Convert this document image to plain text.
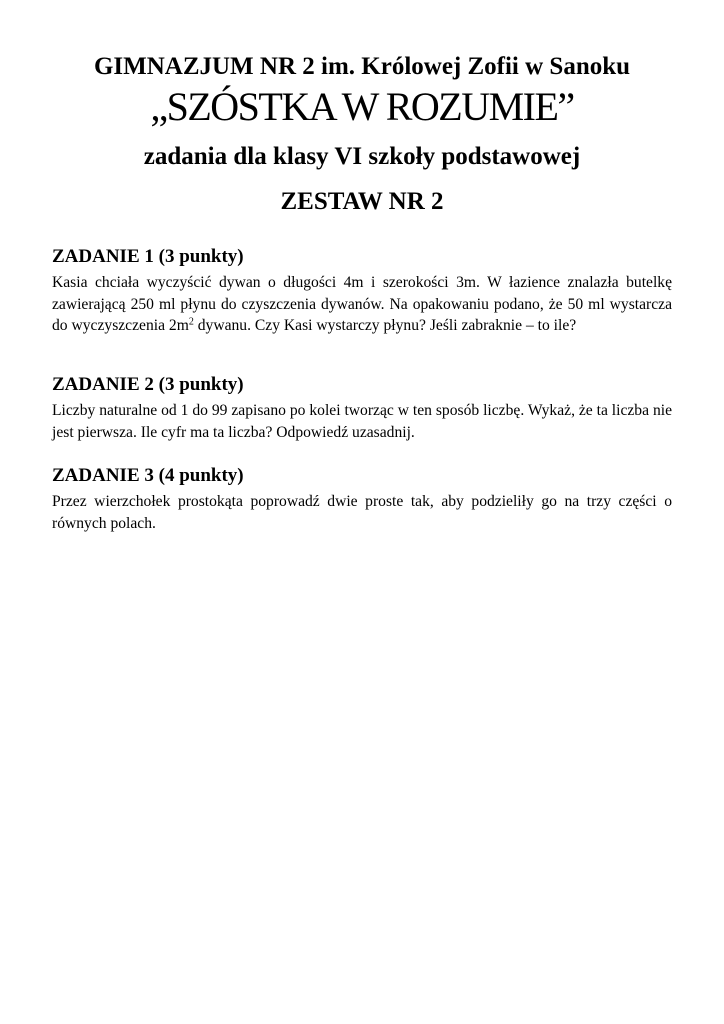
GIMNAZJUM NR 2 im. Królowej Zofii w Sanoku
„SZÓSTKA W ROZUMIE”
zadania dla klasy VI szkoły podstawowej
ZESTAW NR 2
ZADANIE 1 (3 punkty)

Kasia chciała wyczyścić dywan o długości 4m i szerokości 3m. W łazience znalazła butelkę zawierającą 250 ml płynu do czyszczenia dywanów. Na opakowaniu podano, że 50 ml wystarcza do wyczyszczenia $2m^2$ dywanu. Czy Kasi wystarczy płynu? Jeśli zabraknie – to ile?

ZADANIE 2 (3 punkty)

Liczby naturalne od 1 do 99 zapisano po kolei tworząc w ten sposób liczbę. Wykaż, że ta liczba nie jest pierwsza. Ile cyfr ma ta liczba? Odpowiedź uzasadnij.

ZADANIE 3 (4 punkty)

Przez wierzchołek prostokąta poprowadź dwie proste tak, aby podzieliły go na trzy części o równych polach.
